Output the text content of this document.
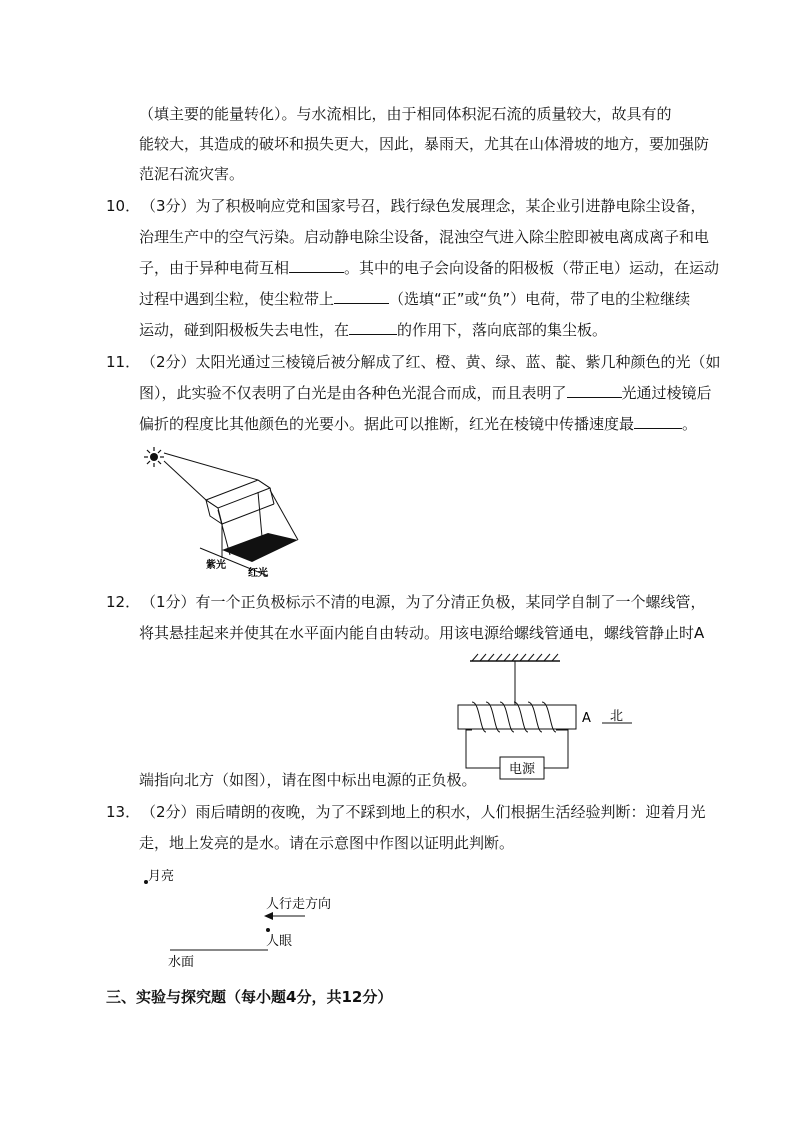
（填主要的能量转化）。与水流相比，由于相同体积泥石流的质量较大，故具有的
能较大，其造成的破坏和损失更大，因此，暴雨天，尤其在山体滑坡的地方，要加强防
范泥石流灾害。
10． （3分）为了积极响应党和国家号召，践行绿色发展理念，某企业引进静电除尘设备，
治理生产中的空气污染。启动静电除尘设备，混浊空气进入除尘腔即被电离成离子和电
子，由于异种电荷互相	。其中的电子会向设备的阳极板（带正电）运动，在运动
过程中遇到尘粒，使尘粒带上	（选填“正”或“负”）电荷，带了电的尘粒继续
运动，碰到阳极板失去电性，在	的作用下，落向底部的集尘板。
11． （2分）太阳光通过三棱镜后被分解成了红、橙、黄、绿、蓝、靛、紫几种颜色的光（如
图），此实验不仅表明了白光是由各种色光混合而成，而且表明了	光通过棱镜后
偏折的程度比其他颜色的光要小。据此可以推断，红光在棱镜中传播速度最	。
紫光
红光
12． （1分）有一个正负极标示不清的电源，为了分清正负极，某同学自制了一个螺线管，
将其悬挂起来并使其在水平面内能自由转动。用该电源给螺线管通电，螺线管静止时A
电源
A 北
端指向北方（如图），请在图中标出电源的正负极。
13． （2分）雨后晴朗的夜晚，为了不踩到地上的积水，人们根据生活经验判断：迎着月光
走，地上发亮的是水。请在示意图中作图以证明此判断。
月亮
人行走方向
人眼
水面
三、实验与探究题（每小题4分，共12分）
